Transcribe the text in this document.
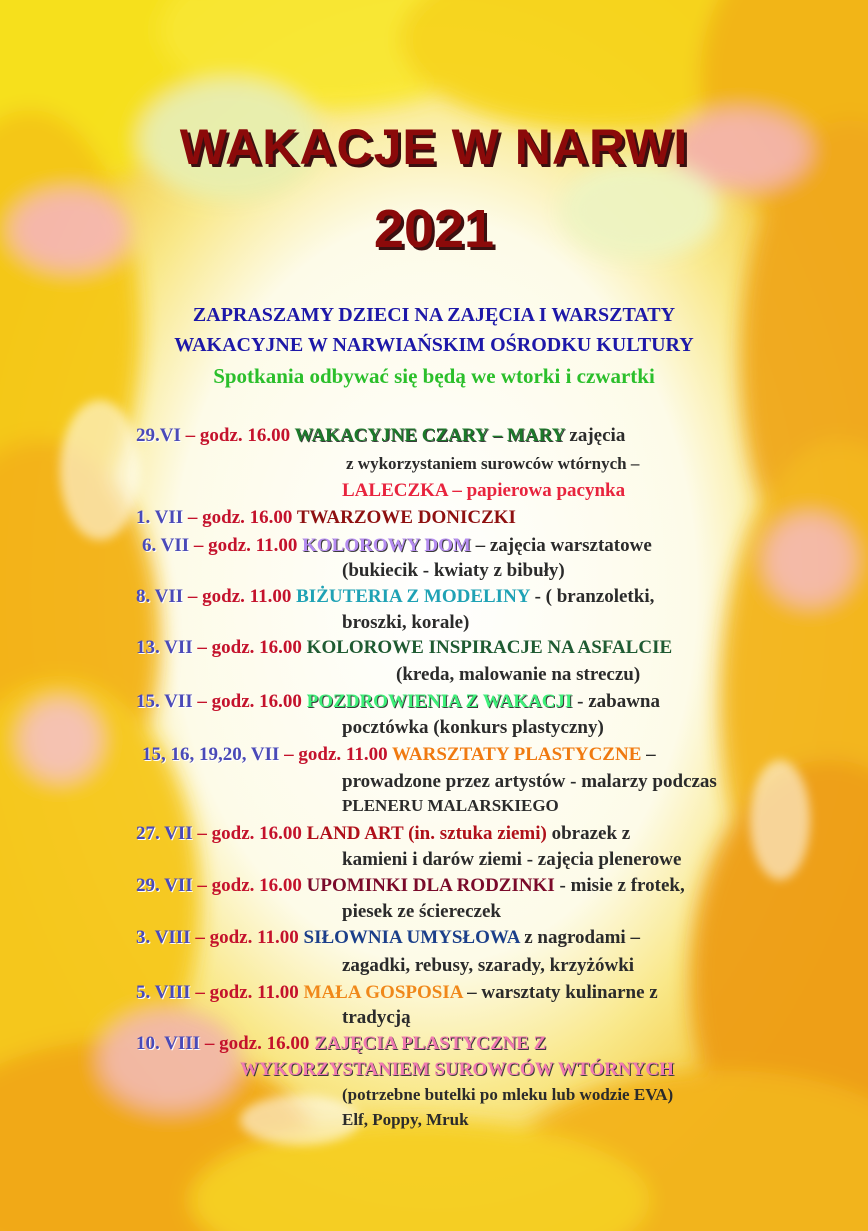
WAKACJE W NARWI
2021
ZAPRASZAMY DZIECI NA ZAJĘCIA I WARSZTATY
WAKACYJNE W NARWIAŃSKIM OŚRODKU KULTURY
Spotkania odbywać się będą we wtorki i czwartki
29.VI – godz. 16.00 WAKACYJNE CZARY – MARY zajęcia
z wykorzystaniem surowców wtórnych –
LALECZKA – papierowa pacynka
1. VII – godz. 16.00 TWARZOWE DONICZKI
6. VII – godz. 11.00 KOLOROWY DOM – zajęcia warsztatowe
(bukiecik - kwiaty z bibuły)
8. VII – godz. 11.00 BIŻUTERIA Z MODELINY - ( branzoletki,
broszki, korale)
13. VII – godz. 16.00 KOLOROWE INSPIRACJE NA ASFALCIE
(kreda, malowanie na streczu)
15. VII – godz. 16.00 POZDROWIENIA Z WAKACJI - zabawna
pocztówka (konkurs plastyczny)
15, 16, 19,20, VII – godz. 11.00 WARSZTATY PLASTYCZNE –
prowadzone przez artystów - malarzy podczas
PLENERU MALARSKIEGO
27. VII – godz. 16.00 LAND ART (in. sztuka ziemi) obrazek z
kamieni i darów ziemi - zajęcia plenerowe
29. VII – godz. 16.00 UPOMINKI DLA RODZINKI - misie z frotek,
piesek ze ściereczek
3. VIII – godz. 11.00 SIŁOWNIA UMYSŁOWA z nagrodami –
zagadki, rebusy, szarady, krzyżówki
5. VIII – godz. 11.00 MAŁA GOSPOSIA – warsztaty kulinarne z
tradycją
10. VIII – godz. 16.00 ZAJĘCIA PLASTYCZNE Z
WYKORZYSTANIEM SUROWCÓW WTÓRNYCH
(potrzebne butelki po mleku lub wodzie EVA)
Elf, Poppy, Mruk
